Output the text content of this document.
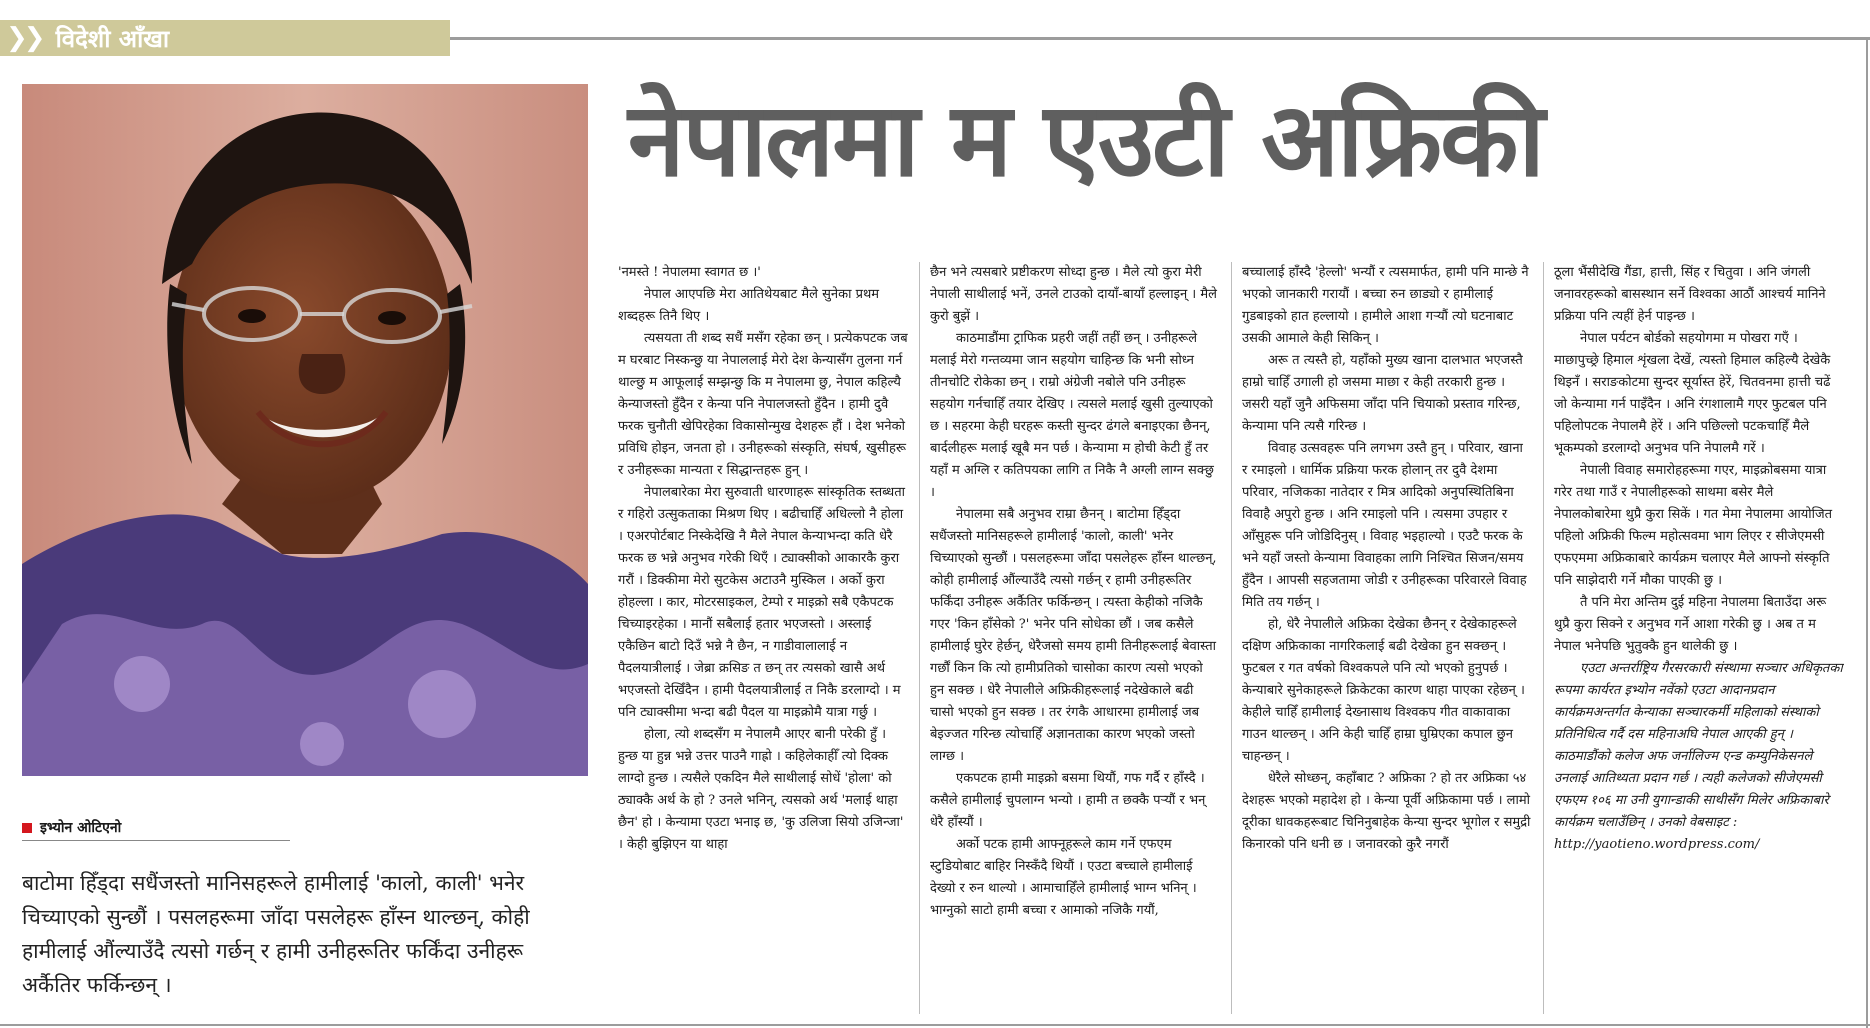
❯❯ विदेशी आँखा
इभ्योन ओटिएनो
बाटोमा हिँड्दा सधैंजस्तो मानिसहरूले हामीलाई 'कालो, काली' भनेर चिच्याएको सुन्छौं । पसलहरूमा जाँदा पसलेहरू हाँस्न थाल्छन्, कोही हामीलाई औंल्याउँदै त्यसो गर्छन् र हामी उनीहरूतिर फर्किंदा उनीहरू अर्कैतिर फर्किन्छन् ।
नेपालमा म एउटी अफ्रिकी

'नमस्ते ! नेपालमा स्वागत छ ।'

नेपाल आएपछि मेरा आतिथेयबाट मैले सुनेका प्रथम शब्दहरू तिनै थिए ।

त्यसयता ती शब्द सधैं मसँग रहेका छन् । प्रत्येकपटक जब म घरबाट निस्कन्छु या नेपाललाई मेरो देश केन्यासँग तुलना गर्न थाल्छु म आफूलाई सम्झन्छु कि म नेपालमा छु, नेपाल कहिल्यै केन्याजस्तो हुँदैन र केन्या पनि नेपालजस्तो हुँदैन । हामी दुवै फरक चुनौती खेपिरहेका विकासोन्मुख देशहरू हौं । देश भनेको प्रविधि होइन, जनता हो । उनीहरूको संस्कृति, संघर्ष, खुसीहरू र उनीहरूका मान्यता र सिद्धान्तहरू हुन् ।

नेपालबारेका मेरा सुरुवाती धारणाहरू सांस्कृतिक स्तब्धता र गहिरो उत्सुकताका मिश्रण थिए । बढीचाहिँ अधिल्लो नै होला । एअरपोर्टबाट निस्केदेखि नै मैले नेपाल केन्याभन्दा कति धेरै फरक छ भन्ने अनुभव गरेकी थिएँ । ट्याक्सीको आकारकै कुरा गरौं । डिक्कीमा मेरो सुटकेस अटाउनै मुस्किल । अर्को कुरा होहल्ला । कार, मोटरसाइकल, टेम्पो र माइक्रो सबै एकैपटक चिच्याइरहेका । मानौं सबैलाई हतार भएजस्तो । अस्लाई एकैछिन बाटो दिउँ भन्ने नै छैन, न गाडीवालालाई न पैदलयात्रीलाई । जेब्रा क्रसिङ त छन् तर त्यसको खासै अर्थ भएजस्तो देखिँदैन । हामी पैदलयात्रीलाई त निकै डरलाग्दो । म पनि ट्याक्सीमा भन्दा बढी पैदल या माइक्रोमै यात्रा गर्छु ।

होला, त्यो शब्दसँग म नेपालमै आएर बानी परेकी हुँ । हुन्छ या हुन्न भन्ने उत्तर पाउनै गाह्रो । कहिलेकाहीँ त्यो दिक्क लाग्दो हुन्छ । त्यसैले एकदिन मैले साथीलाई सोधें 'होला' को ठ्याक्कै अर्थ के हो ? उनले भनिन्, त्यसको अर्थ 'मलाई थाहा छैन' हो । केन्यामा एउटा भनाइ छ, 'कु उलिजा सियो उजिन्जा' । केही बुझिएन या थाहा

छैन भने त्यसबारे प्रष्टीकरण सोध्दा हुन्छ । मैले त्यो कुरा मेरी नेपाली साथीलाई भनें, उनले टाउको दायाँ-बायाँ हल्लाइन् । मैले कुरो बुझें ।

काठमाडौंमा ट्राफिक प्रहरी जहीं तहीं छन् । उनीहरूले मलाई मेरो गन्तव्यमा जान सहयोग चाहिन्छ कि भनी सोध्न तीनचोटि रोकेका छन् । राम्रो अंग्रेजी नबोले पनि उनीहरू सहयोग गर्नचाहिँ तयार देखिए । त्यसले मलाई खुसी तुल्याएको छ । सहरमा केही घरहरू कस्ती सुन्दर ढंगले बनाइएका छैनन्, बार्दलीहरू मलाई खूबै मन पर्छ । केन्यामा म होची केटी हुँ तर यहाँ म अग्लि र कतिपयका लागि त निकै नै अग्ली लाग्न सक्छु ।

नेपालमा सबै अनुभव राम्रा छैनन् । बाटोमा हिँड्दा सधैंजस्तो मानिसहरूले हामीलाई 'कालो, काली' भनेर चिच्याएको सुन्छौं । पसलहरूमा जाँदा पसलेहरू हाँस्न थाल्छन्, कोही हामीलाई औंल्याउँदै त्यसो गर्छन् र हामी उनीहरूतिर फर्किंदा उनीहरू अर्कैतिर फर्किन्छन् । त्यस्ता केहीको नजिकै गएर 'किन हाँसेको ?' भनेर पनि सोधेका छौं । जब कसैले हामीलाई घुरेर हेर्छन्, धेरैजसो समय हामी तिनीहरूलाई बेवास्ता गर्छौं किन कि त्यो हामीप्रतिको चासोका कारण त्यसो भएको हुन सक्छ । धेरै नेपालीले अफ्रिकीहरूलाई नदेखेकाले बढी चासो भएको हुन सक्छ । तर रंगकै आधारमा हामीलाई जब बेइज्जत गरिन्छ त्योचाहिँ अज्ञानताका कारण भएको जस्तो लाग्छ ।

एकपटक हामी माइक्रो बसमा थियौं, गफ गर्दै र हाँस्दै । कसैले हामीलाई चुपलाग्न भन्यो । हामी त छक्कै पऱ्यौं र भन् धेरै हाँस्यौं ।

अर्को पटक हामी आफ्नूहरूले काम गर्ने एफएम स्टुडियोबाट बाहिर निस्कँदै थियौं । एउटा बच्चाले हामीलाई देख्यो र रुन थाल्यो । आमाचाहिँले हामीलाई भाग्न भनिन् । भाग्नुको साटो हामी बच्चा र आमाको नजिकै गयौं,

बच्चालाई हाँस्दै 'हेल्लो' भन्यौं र त्यसमार्फत, हामी पनि मान्छे नै भएको जानकारी गरायौं । बच्चा रुन छाड्यो र हामीलाई गुडबाइको हात हल्लायो । हामीले आशा गऱ्यौं त्यो घटनाबाट उसकी आमाले केही सिकिन् ।

अरू त त्यस्तै हो, यहाँको मुख्य खाना दालभात भएजस्तै हाम्रो चाहिँ उगाली हो जसमा माछा र केही तरकारी हुन्छ । जसरी यहाँ जुनै अफिसमा जाँदा पनि चियाको प्रस्ताव गरिन्छ, केन्यामा पनि त्यसै गरिन्छ ।

विवाह उत्सवहरू पनि लगभग उस्तै हुन् । परिवार, खाना र रमाइलो । धार्मिक प्रक्रिया फरक होलान् तर दुवै देशमा परिवार, नजिकका नातेदार र मित्र आदिको अनुपस्थितिबिना विवाहै अपुरो हुन्छ । अनि रमाइलो पनि । त्यसमा उपहार र आँसुहरू पनि जोडिदिनुस् । विवाह भइहाल्यो । एउटै फरक के भने यहाँ जस्तो केन्यामा विवाहका लागि निश्चित सिजन/समय हुँदैन । आपसी सहजतामा जोडी र उनीहरूका परिवारले विवाह मिति तय गर्छन् ।

हो, धेरै नेपालीले अफ्रिका देखेका छैनन् र देखेकाहरूले दक्षिण अफ्रिकाका नागरिकलाई बढी देखेका हुन सक्छन् । फुटबल र गत वर्षको विश्वकपले पनि त्यो भएको हुनुपर्छ । केन्याबारे सुनेकाहरूले क्रिकेटका कारण थाहा पाएका रहेछन् । केहीले चाहिँ हामीलाई देख्नासाथ विश्वकप गीत वाकावाका गाउन थाल्छन् । अनि केही चाहिँ हाम्रा घुम्रिएका कपाल छुन चाहन्छन् ।

धेरैले सोध्छन्, कहाँबाट ? अफ्रिका ? हो तर अफ्रिका ५४ देशहरू भएको महादेश हो । केन्या पूर्वी अफ्रिकामा पर्छ । लामो दूरीका धावकहरूबाट चिनिनुबाहेक केन्या सुन्दर भूगोल र समुद्री किनारको पनि धनी छ । जनावरको कुरै नगरौं

ठूला भैंसीदेखि गैंडा, हात्ती, सिंह र चितुवा । अनि जंगली जनावरहरूको बासस्थान सर्ने विश्वका आठौं आश्चर्य मानिने प्रक्रिया पनि त्यहीं हेर्न पाइन्छ ।

नेपाल पर्यटन बोर्डको सहयोगमा म पोखरा गएँ । माछापुच्छ्रे हिमाल शृंखला देखें, त्यस्तो हिमाल कहिल्यै देखेकै थिइनँ । सराङकोटमा सुन्दर सूर्यास्त हेरें, चितवनमा हात्ती चढें जो केन्यामा गर्न पाइँदैन । अनि रंगशालामै गएर फुटबल पनि पहिलोपटक नेपालमै हेरें । अनि पछिल्लो पटकचाहिँ मैले भूकम्पको डरलाग्दो अनुभव पनि नेपालमै गरें ।

नेपाली विवाह समारोहहरूमा गएर, माइक्रोबसमा यात्रा गरेर तथा गाउँ र नेपालीहरूको साथमा बसेर मैले नेपालकोबारेमा थुप्रै कुरा सिकें । गत मेमा नेपालमा आयोजित पहिलो अफ्रिकी फिल्म महोत्सवमा भाग लिएर र सीजेएमसी एफएममा अफ्रिकाबारे कार्यक्रम चलाएर मैले आफ्नो संस्कृति पनि साझेदारी गर्ने मौका पाएकी छु ।

तै पनि मेरा अन्तिम दुई महिना नेपालमा बिताउँदा अरू थुप्रै कुरा सिक्ने र अनुभव गर्ने आशा गरेकी छु । अब त म नेपाल भनेपछि भुतुक्कै हुन थालेकी छु ।

एउटा अन्तर्राष्ट्रिय गैरसरकारी संस्थामा सञ्चार अधिकृतका रूपमा कार्यरत इभ्योन नवेंको एउटा आदानप्रदान कार्यक्रमअन्तर्गत केन्याका सञ्चारकर्मी महिलाको संस्थाको प्रतिनिधित्व गर्दै दस महिनाअघि नेपाल आएकी हुन् । काठमाडौंको कलेज अफ जर्नालिज्म एन्ड कम्युनिकेसनले उनलाई आतिथ्यता प्रदान गर्छ । त्यही कलेजको सीजेएमसी एफएम १०६ मा उनी युगान्डाकी साथीसँग मिलेर अफ्रिकाबारे कार्यक्रम चलाउँछिन् । उनको वेबसाइट : http://yaotieno.wordpress.com/
